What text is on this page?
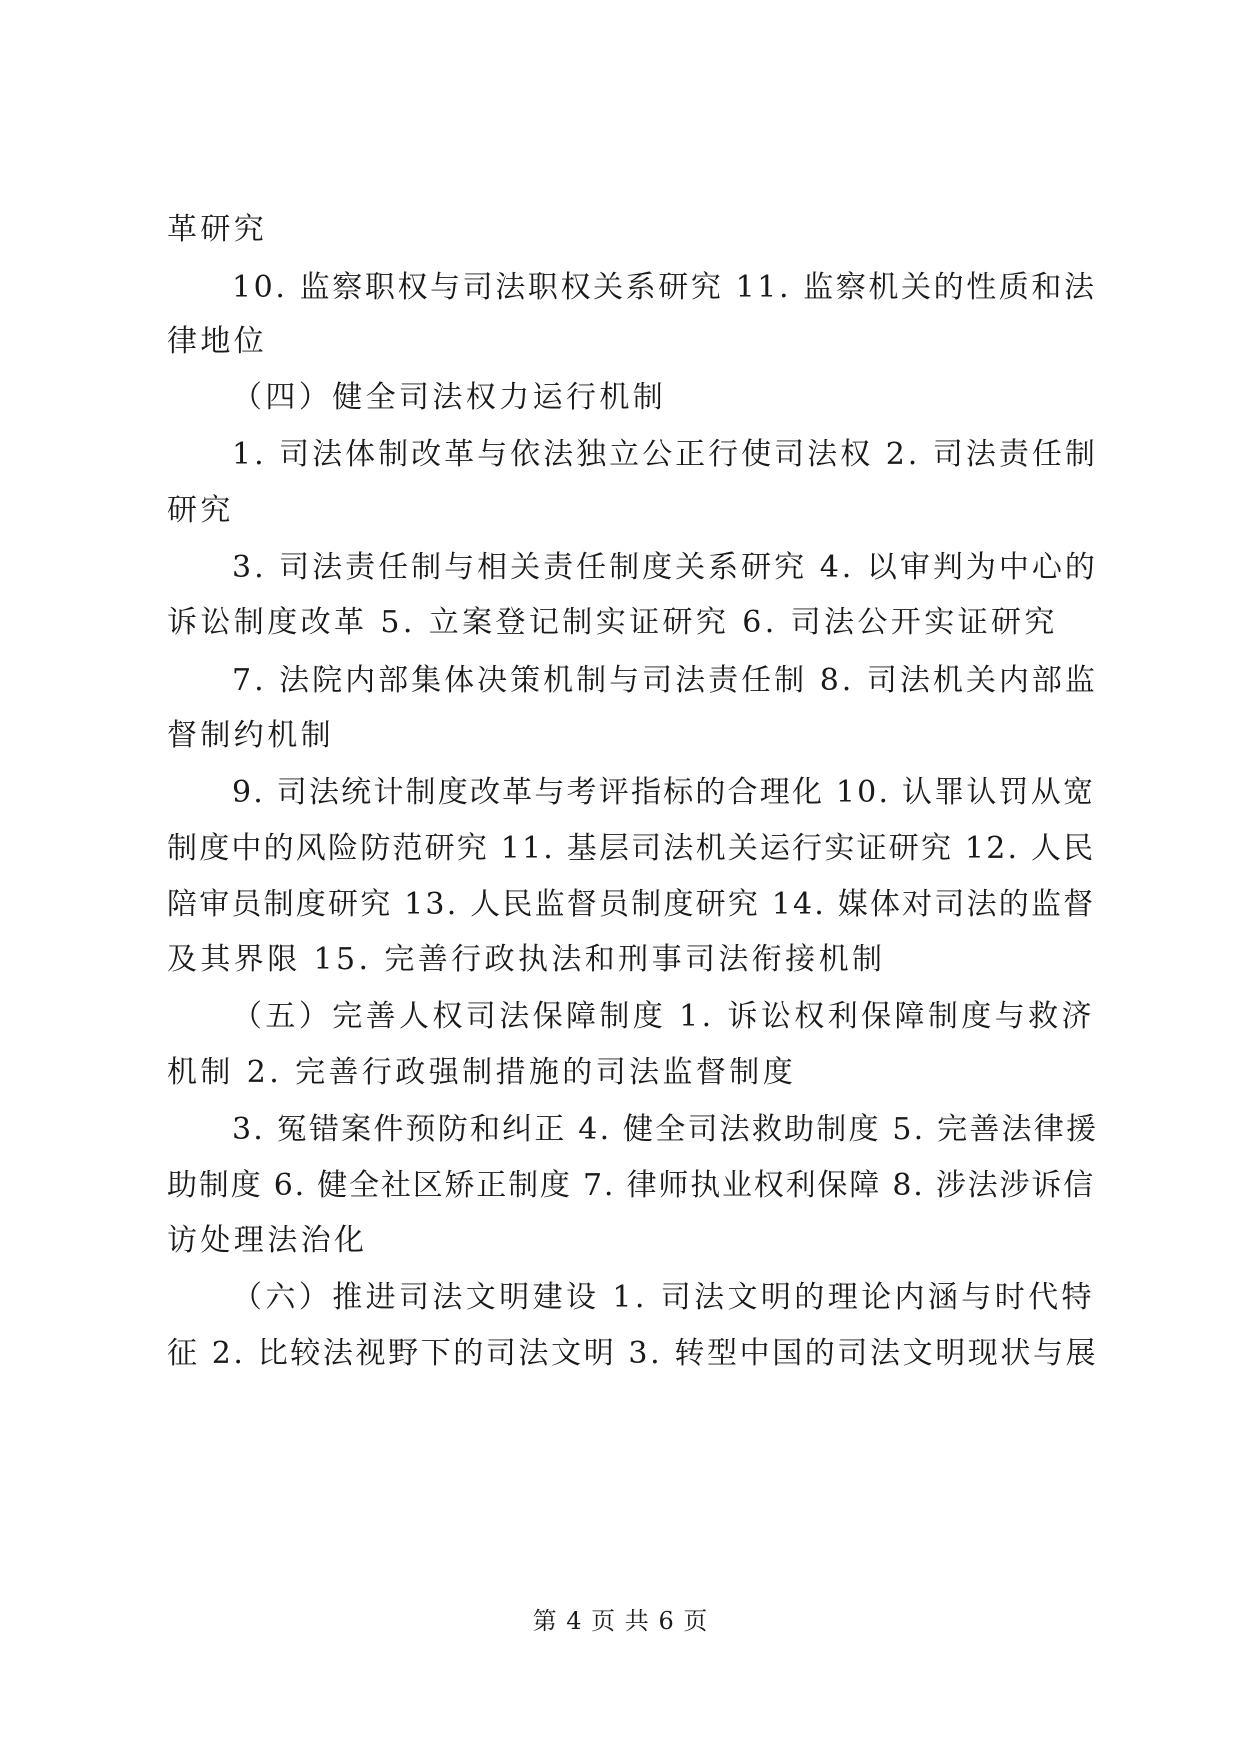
革研究
10. 监察职权与司法职权关系研究 11. 监察机关的性质和法
律地位
（四）健全司法权力运行机制
1. 司法体制改革与依法独立公正行使司法权 2. 司法责任制
研究
3. 司法责任制与相关责任制度关系研究 4. 以审判为中心的
诉讼制度改革 5. 立案登记制实证研究 6. 司法公开实证研究
7. 法院内部集体决策机制与司法责任制 8. 司法机关内部监
督制约机制
9. 司法统计制度改革与考评指标的合理化 10. 认罪认罚从宽
制度中的风险防范研究 11. 基层司法机关运行实证研究 12. 人民
陪审员制度研究 13. 人民监督员制度研究 14. 媒体对司法的监督
及其界限 15. 完善行政执法和刑事司法衔接机制
（五）完善人权司法保障制度 1. 诉讼权利保障制度与救济
机制 2. 完善行政强制措施的司法监督制度
3. 冤错案件预防和纠正 4. 健全司法救助制度 5. 完善法律援
助制度 6. 健全社区矫正制度 7. 律师执业权利保障 8. 涉法涉诉信
访处理法治化
（六）推进司法文明建设 1. 司法文明的理论内涵与时代特
征 2. 比较法视野下的司法文明 3. 转型中国的司法文明现状与展
第 4 页 共 6 页
